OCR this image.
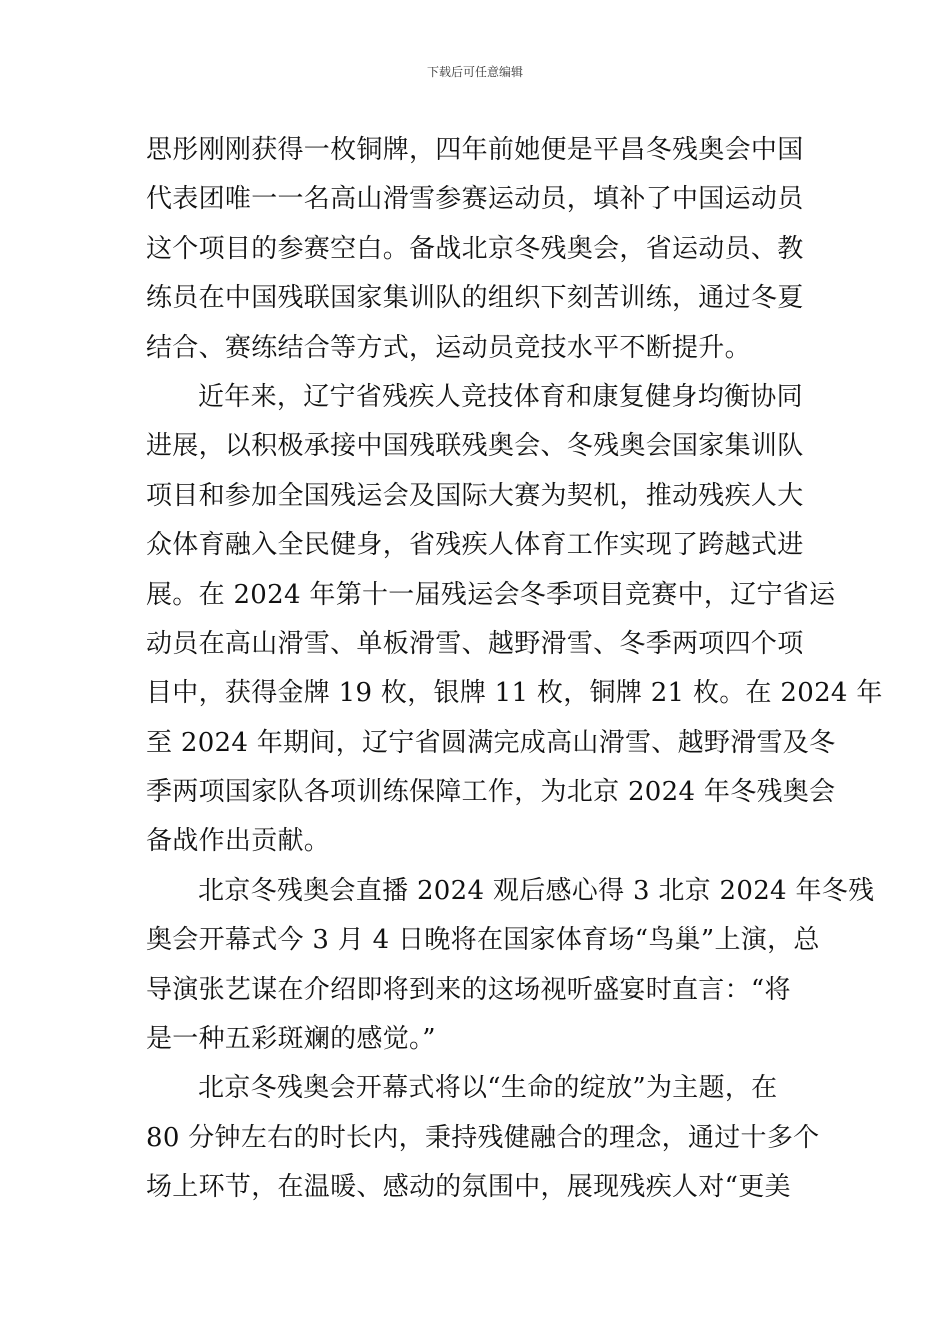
下载后可任意编辑
思彤刚刚获得一枚铜牌，四年前她便是平昌冬残奥会中国
代表团唯一一名高山滑雪参赛运动员，填补了中国运动员
这个项目的参赛空白。备战北京冬残奥会，省运动员、教
练员在中国残联国家集训队的组织下刻苦训练，通过冬夏
结合、赛练结合等方式，运动员竞技水平不断提升。
近年来，辽宁省残疾人竞技体育和康复健身均衡协同
进展，以积极承接中国残联残奥会、冬残奥会国家集训队
项目和参加全国残运会及国际大赛为契机，推动残疾人大
众体育融入全民健身，省残疾人体育工作实现了跨越式进
展。在 2024 年第十一届残运会冬季项目竞赛中，辽宁省运
动员在高山滑雪、单板滑雪、越野滑雪、冬季两项四个项
目中，获得金牌 19 枚，银牌 11 枚，铜牌 21 枚。在 2024 年
至 2024 年期间，辽宁省圆满完成高山滑雪、越野滑雪及冬
季两项国家队各项训练保障工作，为北京 2024 年冬残奥会
备战作出贡献。
北京冬残奥会直播 2024 观后感心得 3 北京 2024 年冬残
奥会开幕式今 3 月 4 日晚将在国家体育场“鸟巢”上演，总
导演张艺谋在介绍即将到来的这场视听盛宴时直言：“将
是一种五彩斑斓的感觉。”
北京冬残奥会开幕式将以“生命的绽放”为主题，在
80 分钟左右的时长内，秉持残健融合的理念，通过十多个
场上环节，在温暖、感动的氛围中，展现残疾人对“更美
